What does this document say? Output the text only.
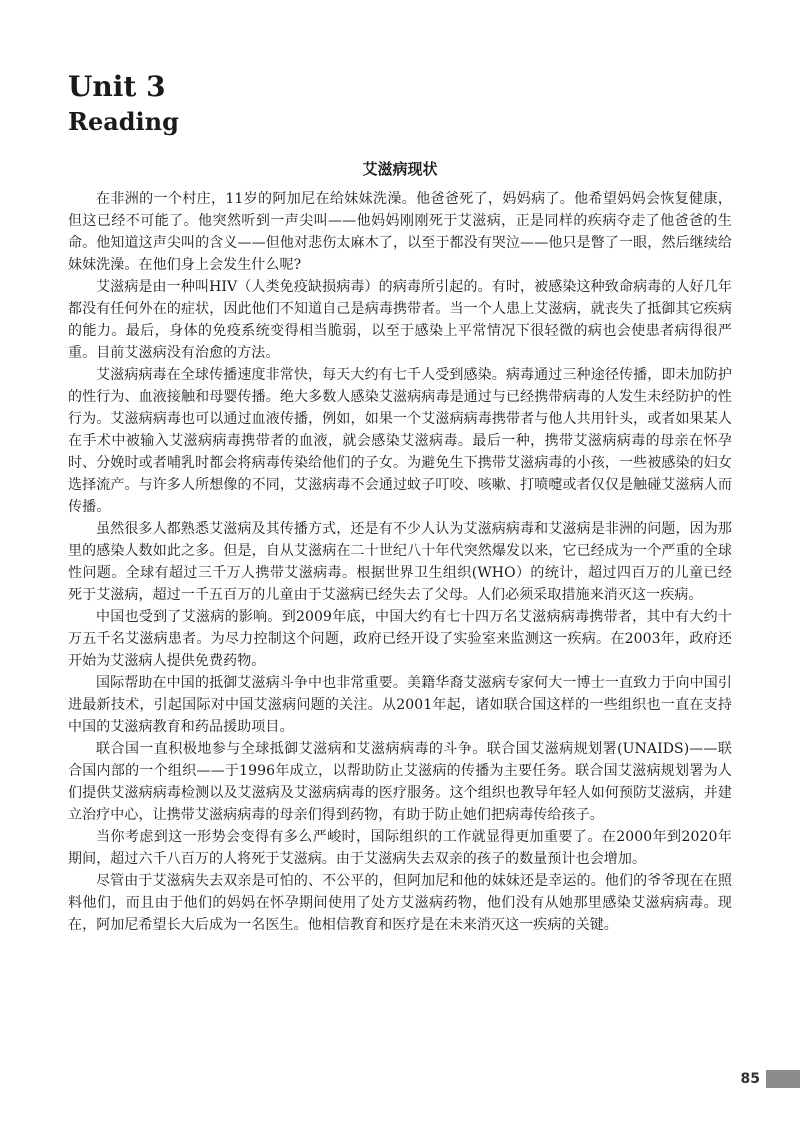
Unit 3
Reading
艾滋病现状

在非洲的一个村庄，11岁的阿加尼在给妹妹洗澡。他爸爸死了，妈妈病了。他希望妈妈会恢复健康，但这已经不可能了。他突然听到一声尖叫——他妈妈刚刚死于艾滋病，正是同样的疾病夺走了他爸爸的生命。他知道这声尖叫的含义——但他对悲伤太麻木了，以至于都没有哭泣——他只是瞥了一眼，然后继续给妹妹洗澡。在他们身上会发生什么呢?

艾滋病是由一种叫HIV（人类免疫缺损病毒）的病毒所引起的。有时，被感染这种致命病毒的人好几年都没有任何外在的症状，因此他们不知道自己是病毒携带者。当一个人患上艾滋病，就丧失了抵御其它疾病的能力。最后，身体的免疫系统变得相当脆弱，以至于感染上平常情况下很轻微的病也会使患者病得很严重。目前艾滋病没有治愈的方法。

艾滋病病毒在全球传播速度非常快，每天大约有七千人受到感染。病毒通过三种途径传播，即未加防护的性行为、血液接触和母婴传播。绝大多数人感染艾滋病病毒是通过与已经携带病毒的人发生未经防护的性行为。艾滋病病毒也可以通过血液传播，例如，如果一个艾滋病病毒携带者与他人共用针头，或者如果某人在手术中被输入艾滋病病毒携带者的血液，就会感染艾滋病毒。最后一种，携带艾滋病病毒的母亲在怀孕时、分娩时或者哺乳时都会将病毒传染给他们的子女。为避免生下携带艾滋病毒的小孩，一些被感染的妇女选择流产。与许多人所想像的不同，艾滋病毒不会通过蚊子叮咬、咳嗽、打喷嚏或者仅仅是触碰艾滋病人而传播。

虽然很多人都熟悉艾滋病及其传播方式，还是有不少人认为艾滋病病毒和艾滋病是非洲的问题，因为那里的感染人数如此之多。但是，自从艾滋病在二十世纪八十年代突然爆发以来，它已经成为一个严重的全球性问题。全球有超过三千万人携带艾滋病毒。根据世界卫生组织(WHO）的统计，超过四百万的儿童已经死于艾滋病，超过一千五百万的儿童由于艾滋病已经失去了父母。人们必须采取措施来消灭这一疾病。

中国也受到了艾滋病的影响。到2009年底，中国大约有七十四万名艾滋病病毒携带者，其中有大约十万五千名艾滋病患者。为尽力控制这个问题，政府已经开设了实验室来监测这一疾病。在2003年，政府还开始为艾滋病人提供免费药物。

国际帮助在中国的抵御艾滋病斗争中也非常重要。美籍华裔艾滋病专家何大一博士一直致力于向中国引进最新技术，引起国际对中国艾滋病问题的关注。从2001年起，诸如联合国这样的一些组织也一直在支持中国的艾滋病教育和药品援助项目。

联合国一直积极地参与全球抵御艾滋病和艾滋病病毒的斗争。联合国艾滋病规划署(UNAIDS)——联合国内部的一个组织——于1996年成立，以帮助防止艾滋病的传播为主要任务。联合国艾滋病规划署为人们提供艾滋病病毒检测以及艾滋病及艾滋病病毒的医疗服务。这个组织也教导年轻人如何预防艾滋病，并建立治疗中心，让携带艾滋病病毒的母亲们得到药物，有助于防止她们把病毒传给孩子。

当你考虑到这一形势会变得有多么严峻时，国际组织的工作就显得更加重要了。在2000年到2020年期间，超过六千八百万的人将死于艾滋病。由于艾滋病失去双亲的孩子的数量预计也会增加。

尽管由于艾滋病失去双亲是可怕的、不公平的，但阿加尼和他的妹妹还是幸运的。他们的爷爷现在在照料他们，而且由于他们的妈妈在怀孕期间使用了处方艾滋病药物，他们没有从她那里感染艾滋病病毒。现在，阿加尼希望长大后成为一名医生。他相信教育和医疗是在未来消灭这一疾病的关键。

85
